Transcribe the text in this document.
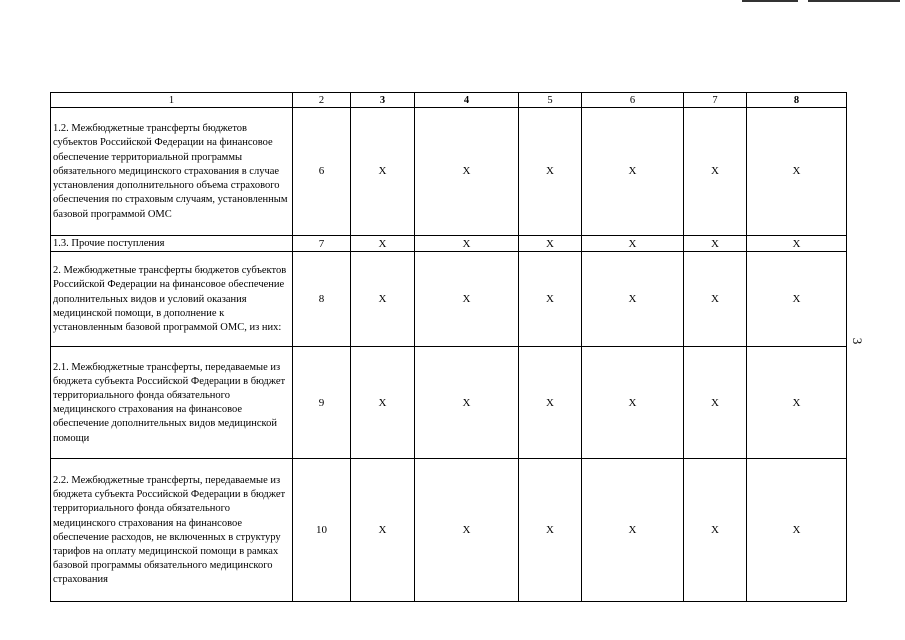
1	2	3	4	5	6	7	8
1.2. Межбюджетные трансферты бюджетов субъектов Российской Федерации на финансовое обеспечение территориальной программы обязательного медицинского страхования в случае установления дополнительного объема страхового обеспечения по страховым случаям, установленным базовой программой ОМС	6	X	X	X	X	X	X
1.3. Прочие поступления	7	X	X	X	X	X	X
2. Межбюджетные трансферты бюджетов субъектов Российской Федерации на финансовое обеспечение дополнительных видов и условий оказания медицинской помощи, в дополнение к установленным базовой программой ОМС, из них:	8	X	X	X	X	X	X
2.1. Межбюджетные трансферты, передаваемые из бюджета субъекта Российской Федерации в бюджет территориального фонда обязательного медицинского страхования на финансовое обеспечение дополнительных видов медицинской помощи	9	X	X	X	X	X	X
2.2. Межбюджетные трансферты, передаваемые из бюджета субъекта Российской Федерации в бюджет территориального фонда обязательного медицинского страхования на финансовое обеспечение расходов, не включенных в структуру тарифов на оплату медицинской помощи в рамках базовой программы обязательного медицинского страхования	10	X	X	X	X	X	X
3
